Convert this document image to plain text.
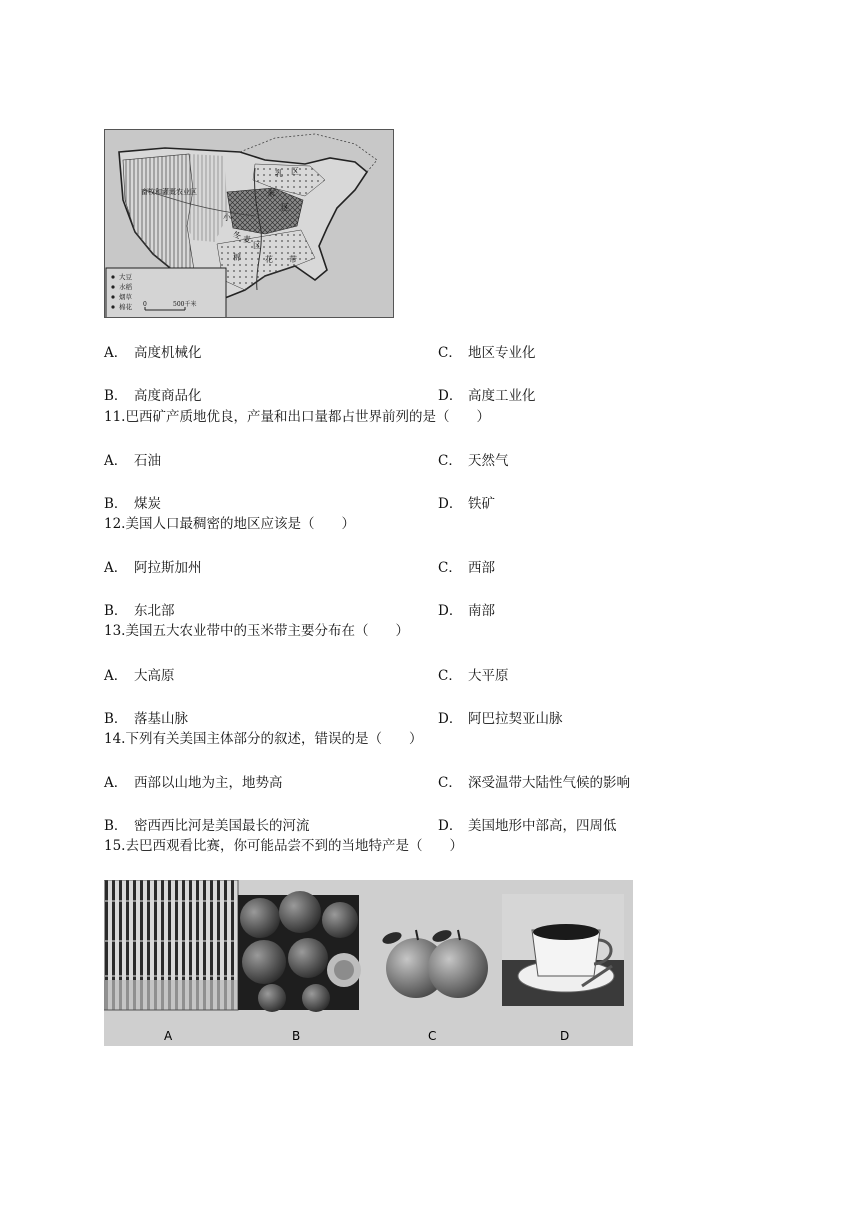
畜牧和灌溉农业区
乳 区
米
区
冬 麦
区
小
棉	花 带
大豆
水稻
烟草
棉花 0	500千米
A． 高度机械化	C． 地区专业化
B． 高度商品化	D． 高度工业化
11.巴西矿产质地优良，产量和出口量都占世界前列的是（　　）
A． 石油	C． 天然气
B． 煤炭	D． 铁矿
12.美国人口最稠密的地区应该是（　　）
A． 阿拉斯加州	C． 西部
B． 东北部	D． 南部
13.美国五大农业带中的玉米带主要分布在（　　）
A． 大高原	C． 大平原
B． 落基山脉	D． 阿巴拉契亚山脉
14.下列有关美国主体部分的叙述，错误的是（　　）
A． 西部以山地为主，地势高	C． 深受温带大陆性气候的影响
B． 密西西比河是美国最长的河流	D． 美国地形中部高，四周低
15.去巴西观看比赛，你可能品尝不到的当地特产是（　　）
A	B	C	D
